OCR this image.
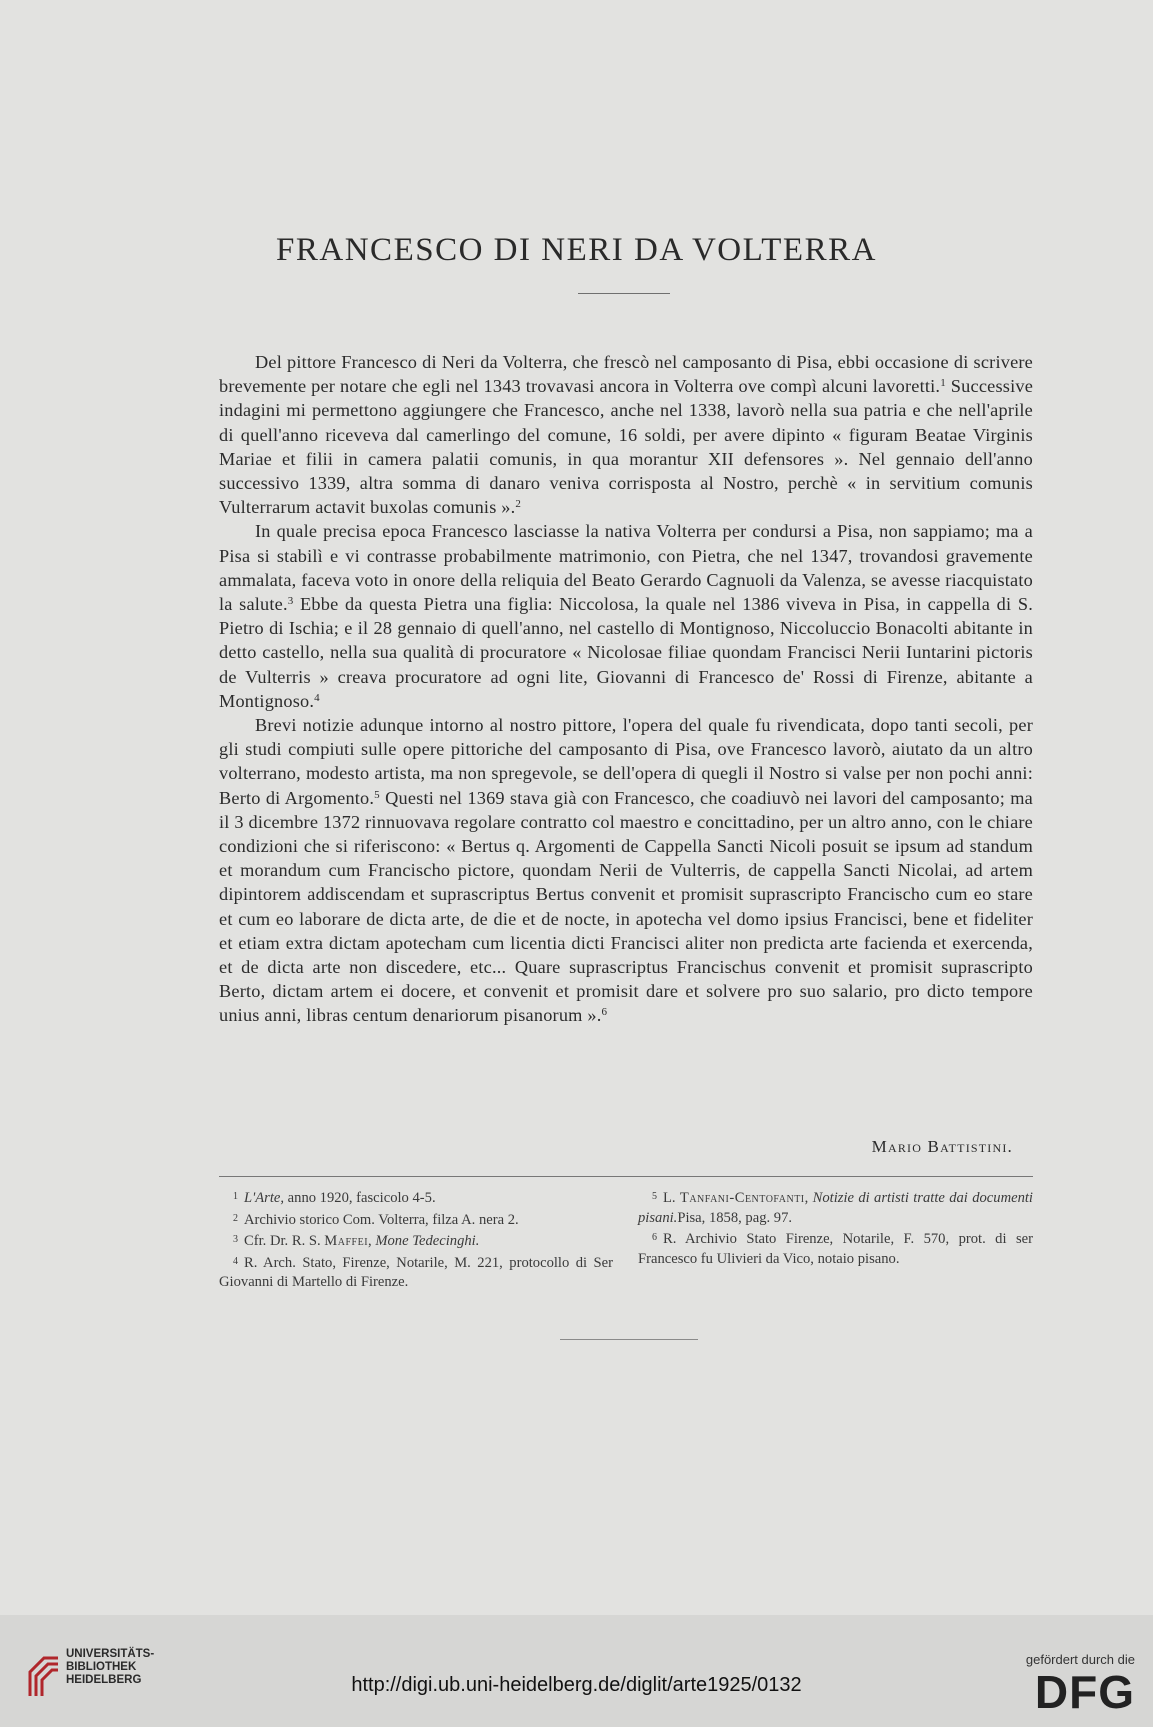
FRANCESCO DI NERI DA VOLTERRA

Del pittore Francesco di Neri da Volterra, che frescò nel camposanto di Pisa, ebbi occasione di scrivere brevemente per notare che egli nel 1343 trovavasi ancora in Volterra ove compì alcuni lavoretti.$^1$ Successive indagini mi permettono aggiungere che Francesco, anche nel 1338, lavorò nella sua patria e che nell'aprile di quell'anno riceveva dal camerlingo del comune, 16 soldi, per avere dipinto « figuram Beatae Virginis Mariae et filii in camera palatii comunis, in qua morantur XII defensores ». Nel gennaio dell'anno successivo 1339, altra somma di danaro veniva corrisposta al Nostro, perchè « in servitium comunis Vulterrarum actavit buxolas comunis ».$^2$

In quale precisa epoca Francesco lasciasse la nativa Volterra per condursi a Pisa, non sappiamo; ma a Pisa si stabilì e vi contrasse probabilmente matrimonio, con Pietra, che nel 1347, trovandosi gravemente ammalata, faceva voto in onore della reliquia del Beato Gerardo Cagnuoli da Valenza, se avesse riacquistato la salute.$^3$ Ebbe da questa Pietra una figlia: Niccolosa, la quale nel 1386 viveva in Pisa, in cappella di S. Pietro di Ischia; e il 28 gennaio di quell'anno, nel castello di Montignoso, Niccoluccio Bonacolti abitante in detto castello, nella sua qualità di procuratore « Nicolosae filiae quondam Francisci Nerii Iuntarini pictoris de Vulterris » creava procuratore ad ogni lite, Giovanni di Francesco de' Rossi di Firenze, abitante a Montignoso.$^4$

Brevi notizie adunque intorno al nostro pittore, l'opera del quale fu rivendicata, dopo tanti secoli, per gli studi compiuti sulle opere pittoriche del camposanto di Pisa, ove Francesco lavorò, aiutato da un altro volterrano, modesto artista, ma non spregevole, se dell'opera di quegli il Nostro si valse per non pochi anni: Berto di Argomento.$^5$ Questi nel 1369 stava già con Francesco, che coadiuvò nei lavori del camposanto; ma il 3 dicembre 1372 rinnuovava regolare contratto col maestro e concittadino, per un altro anno, con le chiare condizioni che si riferiscono: « Bertus q. Argomenti de Cappella Sancti Nicoli posuit se ipsum ad standum et morandum cum Francischo pictore, quondam Nerii de Vulterris, de cappella Sancti Nicolai, ad artem dipintorem addiscendam et suprascriptus Bertus convenit et promisit suprascripto Francischo cum eo stare et cum eo laborare de dicta arte, de die et de nocte, in apotecha vel domo ipsius Francisci, bene et fideliter et etiam extra dictam apotecham cum licentia dicti Francisci aliter non predicta arte facienda et exercenda, et de dicta arte non discedere, etc... Quare suprascriptus Francischus convenit et promisit suprascripto Berto, dictam artem ei docere, et convenit et promisit dare et solvere pro suo salario, pro dicto tempore unius anni, libras centum denariorum pisanorum ».$^6$

Mario Battistini.
$^1$ L'Arte, anno 1920, fascicolo 4-5.
$^2$ Archivio storico Com. Volterra, filza A. nera 2.
$^3$ Cfr. Dr. R. S. Maffei, Mone Tedecinghi.
$^4$ R. Arch. Stato, Firenze, Notarile, M. 221, protocollo di Ser Giovanni di Martello di Firenze.
$^5$ L. Tanfani-Centofanti, Notizie di artisti tratte dai documenti pisani.Pisa, 1858, pag. 97.
$^6$ R. Archivio Stato Firenze, Notarile, F. 570, prot. di ser Francesco fu Ulivieri da Vico, notaio pisano.
UNIVERSITÄTS-
BIBLIOTHEK
HEIDELBERG	http://digi.ub.uni-heidelberg.de/diglit/arte1925/0132
gefördert durch die
DFG
